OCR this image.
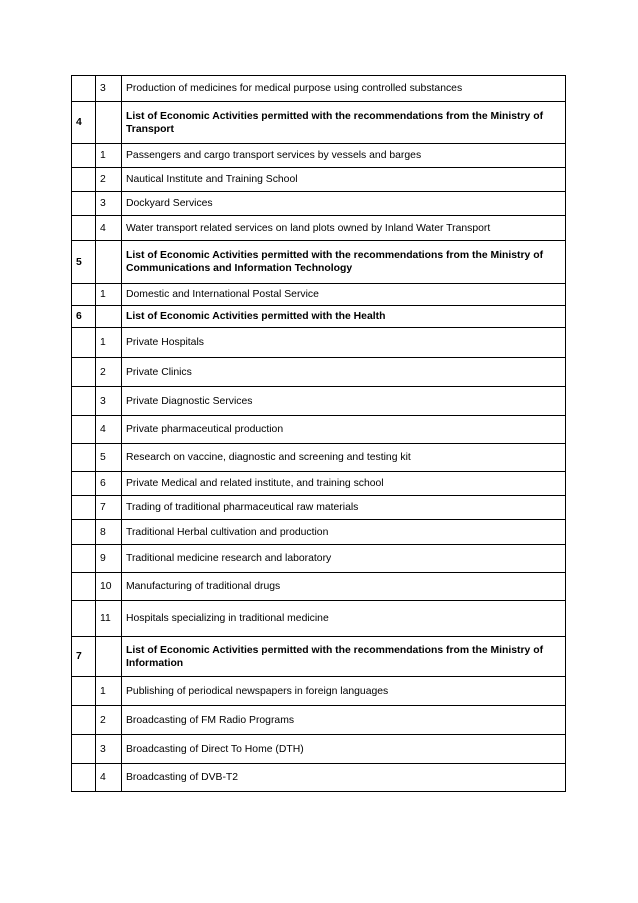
	3	Production of medicines for medical purpose using controlled substances
4		List of Economic Activities permitted with the recommendations from the Ministry of Transport
	1	Passengers and cargo transport services by vessels and barges
	2	Nautical Institute and Training School
	3	Dockyard Services
	4	Water transport related services on land plots owned by Inland Water Transport
5		List of Economic Activities permitted with the recommendations from the Ministry of Communications and Information Technology
	1	Domestic and International Postal Service
6		List of Economic Activities permitted with the Health
	1	Private Hospitals
	2	Private Clinics
	3	Private Diagnostic Services
	4	Private pharmaceutical production
	5	Research on vaccine, diagnostic and screening and testing kit
	6	Private Medical and related institute, and training school
	7	Trading of traditional pharmaceutical raw materials
	8	Traditional Herbal cultivation and production
	9	Traditional medicine research and laboratory
	10	Manufacturing of traditional drugs
	11	Hospitals specializing in traditional medicine
7		List of Economic Activities permitted with the recommendations from the Ministry of Information
	1	Publishing of periodical newspapers in foreign languages
	2	Broadcasting of FM Radio Programs
	3	Broadcasting of Direct To Home (DTH)
	4	Broadcasting of DVB-T2
